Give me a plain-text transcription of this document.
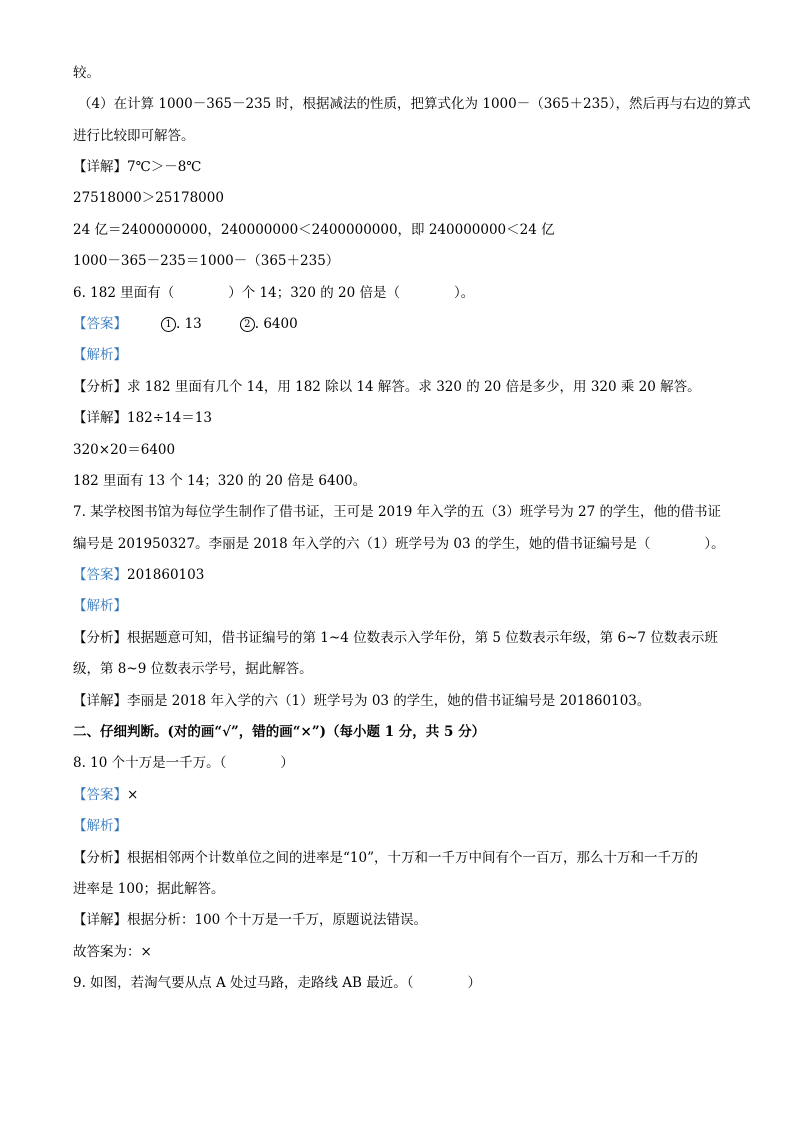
较。
（4）在计算 1000－365－235 时，根据减法的性质，把算式化为 1000－（365＋235），然后再与右边的算式
进行比较即可解答。
【详解】7℃＞－8℃
27518000＞25178000
24 亿＝2400000000，240000000＜2400000000，即 240000000＜24 亿
1000－365－235＝1000－（365＋235）
6. 182 里面有（　　　　）个 14；320 的 20 倍是（　　　　）。
【答案】	1 . 13	2 . 6400
【解析】
【分析】求 182 里面有几个 14，用 182 除以 14 解答。求 320 的 20 倍是多少，用 320 乘 20 解答。
【详解】182÷14＝13
320×20＝6400
182 里面有 13 个 14；320 的 20 倍是 6400。
7. 某学校图书馆为每位学生制作了借书证，王可是 2019 年入学的五（3）班学号为 27 的学生，他的借书证
编号是 201950327。李丽是 2018 年入学的六（1）班学号为 03 的学生，她的借书证编号是（　　　　）。
【答案】201860103
【解析】
【分析】根据题意可知，借书证编号的第 1~4 位数表示入学年份，第 5 位数表示年级，第 6~7 位数表示班
级，第 8~9 位数表示学号，据此解答。
【详解】李丽是 2018 年入学的六（1）班学号为 03 的学生，她的借书证编号是 201860103。
二、仔细判断。(对的画“√”，错的画“×”)（每小题 1 分，共 5 分）
8. 10 个十万是一千万。（　　　　）
【答案】×
【解析】
【分析】根据相邻两个计数单位之间的进率是“10”，十万和一千万中间有个一百万，那么十万和一千万的
进率是 100；据此解答。
【详解】根据分析：100 个十万是一千万，原题说法错误。
故答案为：×
9. 如图，若淘气要从点 A 处过马路，走路线 AB 最近。（　　　　）
